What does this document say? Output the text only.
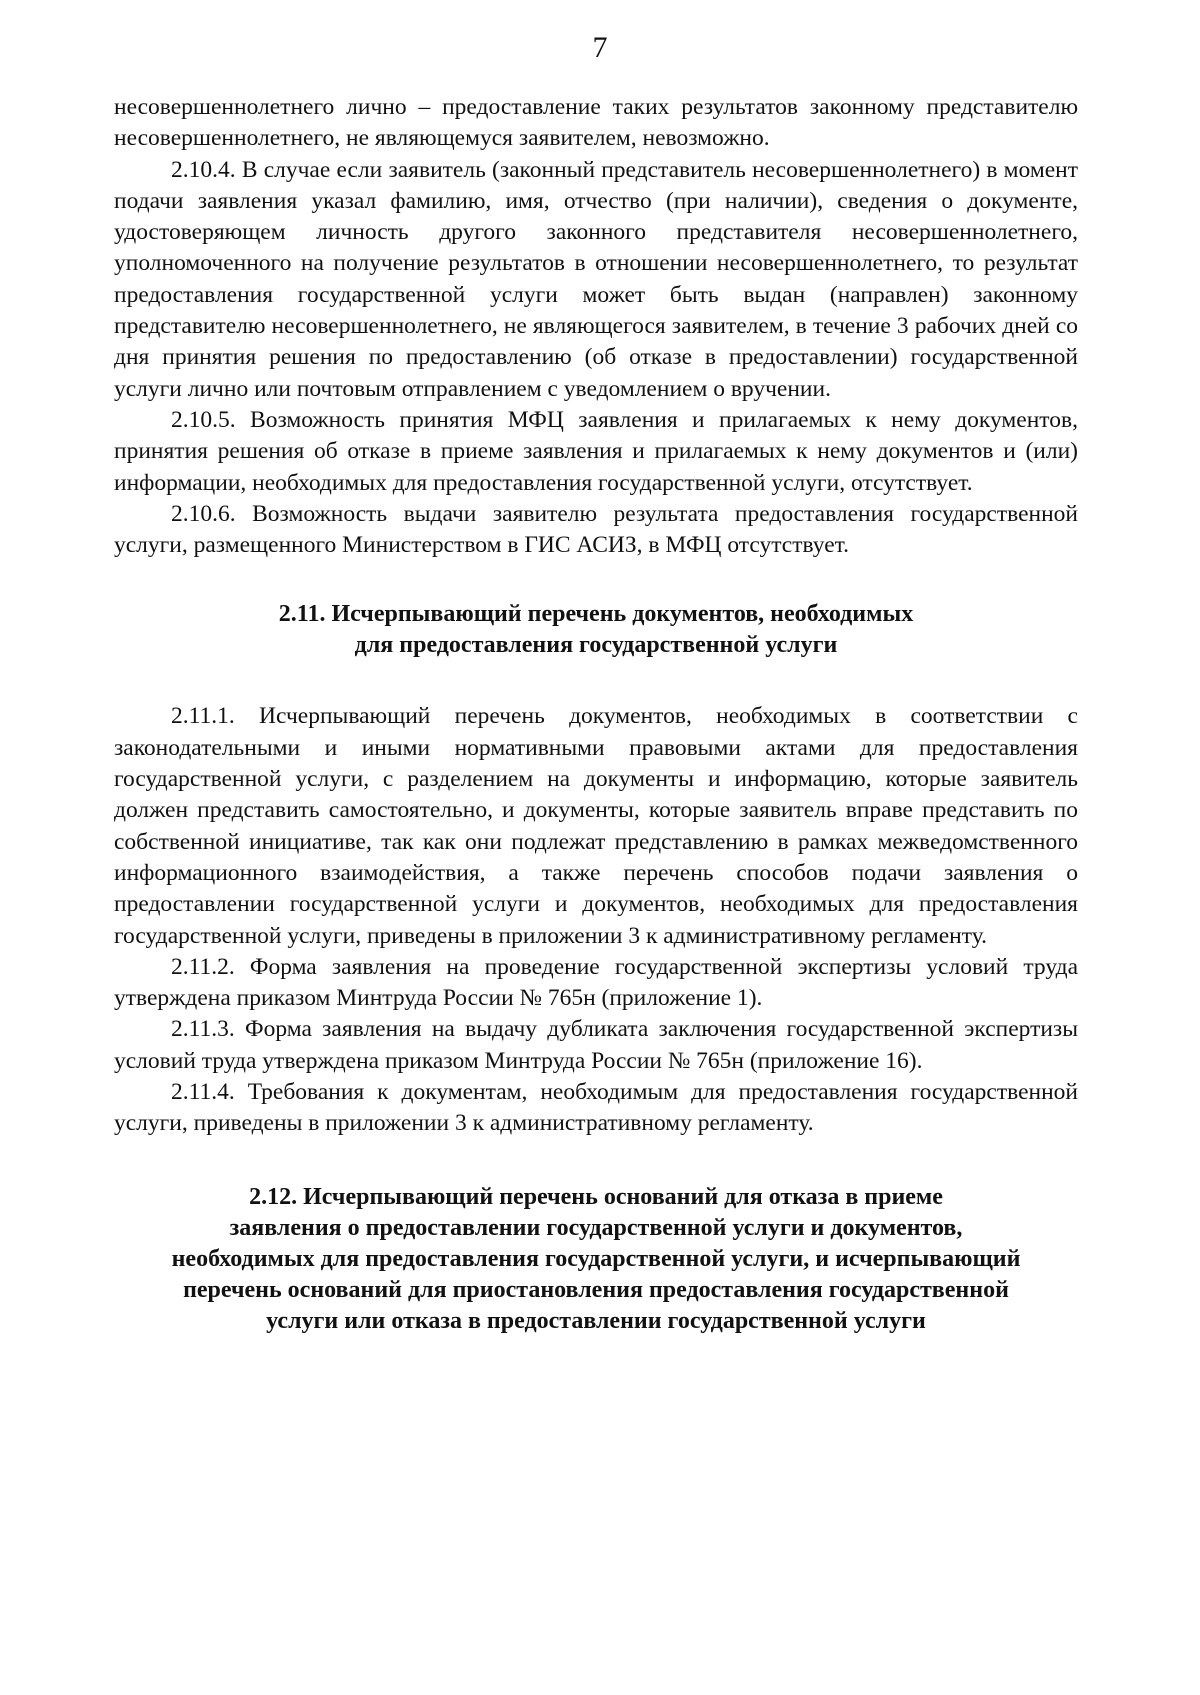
7

несовершеннолетнего лично – предоставление таких результатов законному представителю несовершеннолетнего, не являющемуся заявителем, невозможно.

2.10.4. В случае если заявитель (законный представитель несовершеннолетнего) в момент подачи заявления указал фамилию, имя, отчество (при наличии), сведения о документе, удостоверяющем личность другого законного представителя несовершеннолетнего, уполномоченного на получение результатов в отношении несовершеннолетнего, то результат предоставления государственной услуги может быть выдан (направлен) законному представителю несовершеннолетнего, не являющегося заявителем, в течение 3 рабочих дней со дня принятия решения по предоставлению (об отказе в предоставлении) государственной услуги лично или почтовым отправлением с уведомлением о вручении.

2.10.5. Возможность принятия МФЦ заявления и прилагаемых к нему документов, принятия решения об отказе в приеме заявления и прилагаемых к нему документов и (или) информации, необходимых для предоставления государственной услуги, отсутствует.

2.10.6. Возможность выдачи заявителю результата предоставления государственной услуги, размещенного Министерством в ГИС АСИЗ, в МФЦ отсутствует.

2.11. Исчерпывающий перечень документов, необходимых
для предоставления государственной услуги

2.11.1. Исчерпывающий перечень документов, необходимых в соответствии с законодательными и иными нормативными правовыми актами для предоставления государственной услуги, с разделением на документы и информацию, которые заявитель должен представить самостоятельно, и документы, которые заявитель вправе представить по собственной инициативе, так как они подлежат представлению в рамках межведомственного информационного взаимодействия, а также перечень способов подачи заявления о предоставлении государственной услуги и документов, необходимых для предоставления государственной услуги, приведены в приложении 3 к административному регламенту.

2.11.2. Форма заявления на проведение государственной экспертизы условий труда утверждена приказом Минтруда России № 765н (приложение 1).

2.11.3. Форма заявления на выдачу дубликата заключения государственной экспертизы условий труда утверждена приказом Минтруда России № 765н (приложение 16).

2.11.4. Требования к документам, необходимым для предоставления государственной услуги, приведены в приложении 3 к административному регламенту.

2.12. Исчерпывающий перечень оснований для отказа в приеме
заявления о предоставлении государственной услуги и документов,
необходимых для предоставления государственной услуги, и исчерпывающий
перечень оснований для приостановления предоставления государственной
услуги или отказа в предоставлении государственной услуги
